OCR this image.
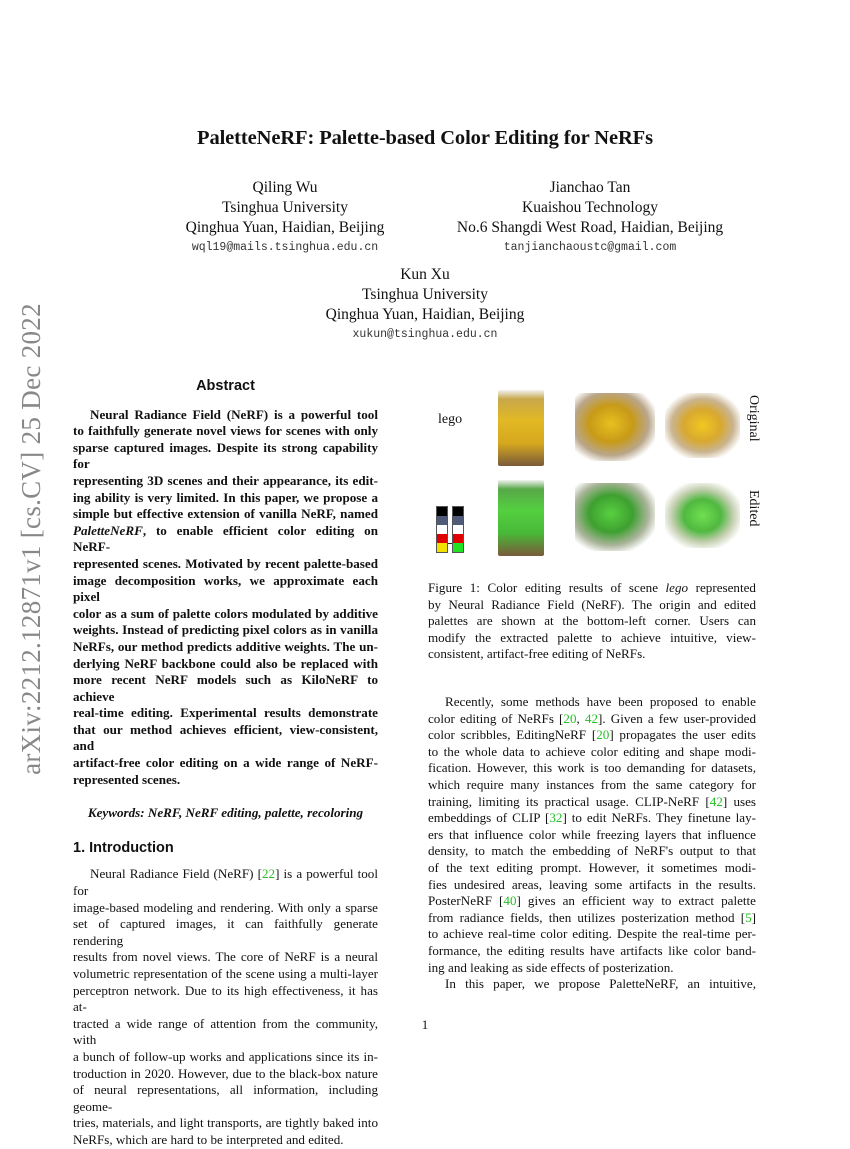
PaletteNeRF: Palette-based Color Editing for NeRFs
Qiling Wu
Tsinghua University
Qinghua Yuan, Haidian, Beijing
wql19@mails.tsinghua.edu.cn
Jianchao Tan
Kuaishou Technology
No.6 Shangdi West Road, Haidian, Beijing
tanjianchaoustc@gmail.com
Kun Xu
Tsinghua University
Qinghua Yuan, Haidian, Beijing
xukun@tsinghua.edu.cn
arXiv:2212.12871v1 [cs.CV] 25 Dec 2022	Abstract
Neural Radiance Field (NeRF) is a powerful tool
to faithfully generate novel views for scenes with only
sparse captured images. Despite its strong capability for
representing 3D scenes and their appearance, its edit-
ing ability is very limited. In this paper, we propose a
simple but effective extension of vanilla NeRF, named
PaletteNeRF, to enable efficient color editing on NeRF-
represented scenes. Motivated by recent palette-based
image decomposition works, we approximate each pixel
color as a sum of palette colors modulated by additive
weights. Instead of predicting pixel colors as in vanilla
NeRFs, our method predicts additive weights. The un-
derlying NeRF backbone could also be replaced with
more recent NeRF models such as KiloNeRF to achieve
real-time editing. Experimental results demonstrate
that our method achieves efficient, view-consistent, and
artifact-free color editing on a wide range of NeRF-
represented scenes.
Keywords: NeRF, NeRF editing, palette, recoloring
1. Introduction
Neural Radiance Field (NeRF) [22] is a powerful tool for
image-based modeling and rendering. With only a sparse
set of captured images, it can faithfully generate rendering
results from novel views. The core of NeRF is a neural
volumetric representation of the scene using a multi-layer
perceptron network. Due to its high effectiveness, it has at-
tracted a wide range of attention from the community, with
a bunch of follow-up works and applications since its in-
troduction in 2020. However, due to the black-box nature
of neural representations, all information, including geome-
tries, materials, and light transports, are tightly baked into
NeRFs, which are hard to be interpreted and edited.
lego	Original
Edited
Figure 1: Color editing results of scene lego represented
by Neural Radiance Field (NeRF). The origin and edited
palettes are shown at the bottom-left corner. Users can
modify the extracted palette to achieve intuitive, view-
consistent, artifact-free editing of NeRFs.
Recently, some methods have been proposed to enable
color editing of NeRFs [20, 42]. Given a few user-provided
color scribbles, EditingNeRF [20] propagates the user edits
to the whole data to achieve color editing and shape modi-
fication. However, this work is too demanding for datasets,
which require many instances from the same category for
training, limiting its practical usage. CLIP-NeRF [42] uses
embeddings of CLIP [32] to edit NeRFs. They finetune lay-
ers that influence color while freezing layers that influence
density, to match the embedding of NeRF's output to that
of the text editing prompt. However, it sometimes modi-
fies undesired areas, leaving some artifacts in the results.
PosterNeRF [40] gives an efficient way to extract palette
from radiance fields, then utilizes posterization method [5]
to achieve real-time color editing. Despite the real-time per-
formance, the editing results have artifacts like color band-
ing and leaking as side effects of posterization.
In this paper, we propose PaletteNeRF, an intuitive,
1
